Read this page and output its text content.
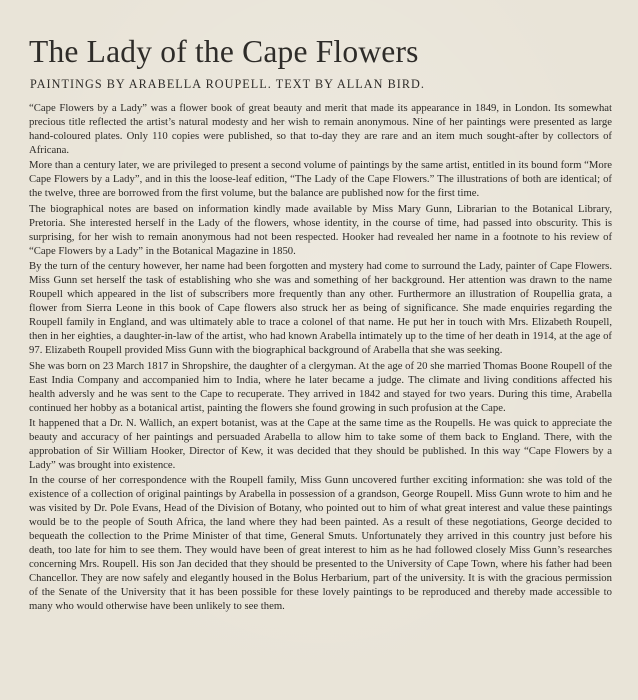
The Lady of the Cape Flowers
PAINTINGS BY ARABELLA ROUPELL. TEXT BY ALLAN BIRD.

“Cape Flowers by a Lady” was a flower book of great beauty and merit that made its appearance in 1849, in London. Its somewhat precious title reflected the artist’s natural modesty and her wish to remain anonymous. Nine of her paintings were presented as large hand-coloured plates. Only 110 copies were published, so that to-day they are rare and an item much sought-after by collectors of Africana.

More than a century later, we are privileged to present a second volume of paintings by the same artist, entitled in its bound form “More Cape Flowers by a Lady”, and in this the loose-leaf edition, “The Lady of the Cape Flowers.” The illustrations of both are identical; of the twelve, three are borrowed from the first volume, but the balance are published now for the first time.

The biographical notes are based on information kindly made available by Miss Mary Gunn, Librarian to the Botanical Library, Pretoria. She interested herself in the Lady of the flowers, whose identity, in the course of time, had passed into obscurity. This is surprising, for her wish to remain anonymous had not been respected. Hooker had revealed her name in a footnote to his review of “Cape Flowers by a Lady” in the Botanical Magazine in 1850.

By the turn of the century however, her name had been forgotten and mystery had come to surround the Lady, painter of Cape Flowers. Miss Gunn set herself the task of establishing who she was and something of her background. Her attention was drawn to the name Roupell which appeared in the list of subscribers more frequently than any other. Furthermore an illustration of Roupellia grata, a flower from Sierra Leone in this book of Cape flowers also struck her as being of significance. She made enquiries regarding the Roupell family in England, and was ultimately able to trace a colonel of that name. He put her in touch with Mrs. Elizabeth Roupell, then in her eighties, a daughter-in-law of the artist, who had known Arabella intimately up to the time of her death in 1914, at the age of 97. Elizabeth Roupell provided Miss Gunn with the biographical background of Arabella that she was seeking.

She was born on 23 March 1817 in Shropshire, the daughter of a clergyman. At the age of 20 she married Thomas Boone Roupell of the East India Company and accompanied him to India, where he later became a judge. The climate and living conditions affected his health adversly and he was sent to the Cape to recuperate. They arrived in 1842 and stayed for two years. During this time, Arabella continued her hobby as a botanical artist, painting the flowers she found growing in such profusion at the Cape.

It happened that a Dr. N. Wallich, an expert botanist, was at the Cape at the same time as the Roupells. He was quick to appreciate the beauty and accuracy of her paintings and persuaded Arabella to allow him to take some of them back to England. There, with the approbation of Sir William Hooker, Director of Kew, it was decided that they should be published. In this way “Cape Flowers by a Lady” was brought into existence.

In the course of her correspondence with the Roupell family, Miss Gunn uncovered further exciting information: she was told of the existence of a collection of original paintings by Arabella in possession of a grandson, George Roupell. Miss Gunn wrote to him and he was visited by Dr. Pole Evans, Head of the Division of Botany, who pointed out to him of what great interest and value these paintings would be to the people of South Africa, the land where they had been painted. As a result of these negotiations, George decided to bequeath the collection to the Prime Minister of that time, General Smuts. Unfortunately they arrived in this country just before his death, too late for him to see them. They would have been of great interest to him as he had followed closely Miss Gunn’s researches concerning Mrs. Roupell. His son Jan decided that they should be presented to the University of Cape Town, where his father had been Chancellor. They are now safely and elegantly housed in the Bolus Herbarium, part of the university. It is with the gracious permission of the Senate of the University that it has been possible for these lovely paintings to be reproduced and thereby made accessible to many who would otherwise have been unlikely to see them.
